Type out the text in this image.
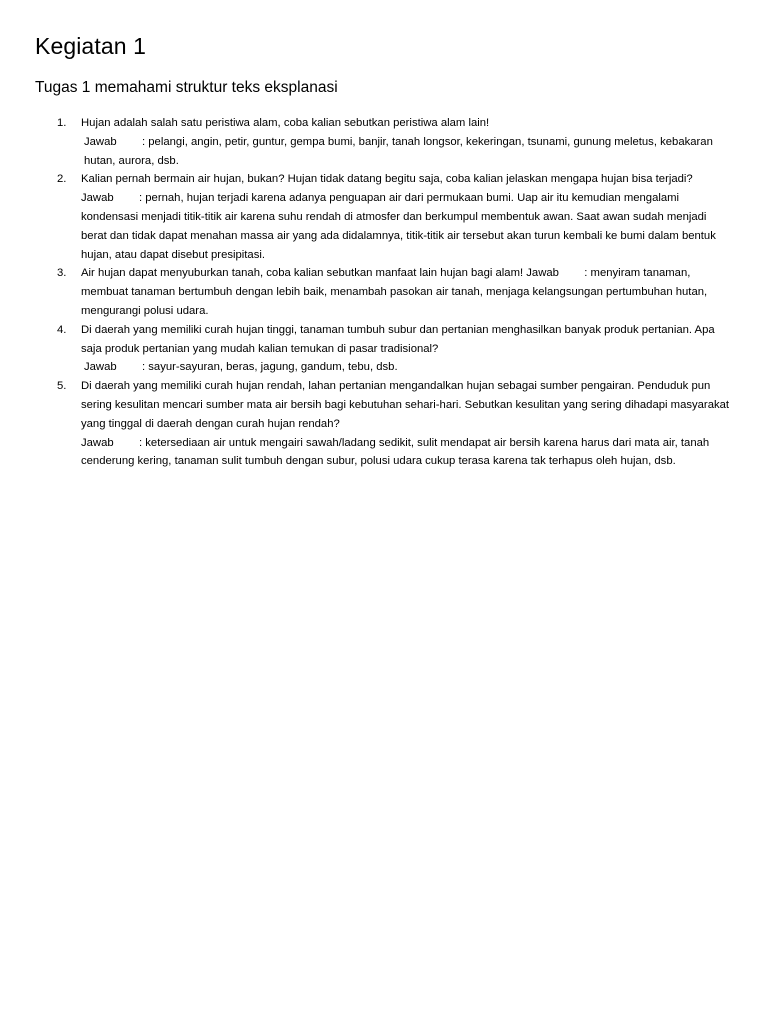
Kegiatan 1
Tugas 1 memahami struktur teks eksplanasi
1. Hujan adalah salah satu peristiwa alam, coba kalian sebutkan peristiwa alam lain!
Jawab : pelangi, angin, petir, guntur, gempa bumi, banjir, tanah longsor, kekeringan, tsunami, gunung meletus, kebakaran hutan, aurora, dsb.
2. Kalian pernah bermain air hujan, bukan? Hujan tidak datang begitu saja, coba kalian jelaskan mengapa hujan bisa terjadi?
Jawab : pernah, hujan terjadi karena adanya penguapan air dari permukaan bumi. Uap air itu kemudian mengalami kondensasi menjadi titik-titik air karena suhu rendah di atmosfer dan berkumpul membentuk awan. Saat awan sudah menjadi berat dan tidak dapat menahan massa air yang ada didalamnya, titik-titik air tersebut akan turun kembali ke bumi dalam bentuk hujan, atau dapat disebut presipitasi.
3. Air hujan dapat menyuburkan tanah, coba kalian sebutkan manfaat lain hujan bagi alam! Jawab : menyiram tanaman, membuat tanaman bertumbuh dengan lebih baik, menambah pasokan air tanah, menjaga kelangsungan pertumbuhan hutan, mengurangi polusi udara.
4. Di daerah yang memiliki curah hujan tinggi, tanaman tumbuh subur dan pertanian menghasilkan banyak produk pertanian. Apa saja produk pertanian yang mudah kalian temukan di pasar tradisional?
Jawab : sayur-sayuran, beras, jagung, gandum, tebu, dsb.
5. Di daerah yang memiliki curah hujan rendah, lahan pertanian mengandalkan hujan sebagai sumber pengairan. Penduduk pun sering kesulitan mencari sumber mata air bersih bagi kebutuhan sehari-hari. Sebutkan kesulitan yang sering dihadapi masyarakat yang tinggal di daerah dengan curah hujan rendah?
Jawab : ketersediaan air untuk mengairi sawah/ladang sedikit, sulit mendapat air bersih karena harus dari mata air, tanah cenderung kering, tanaman sulit tumbuh dengan subur, polusi udara cukup terasa karena tak terhapus oleh hujan, dsb.
